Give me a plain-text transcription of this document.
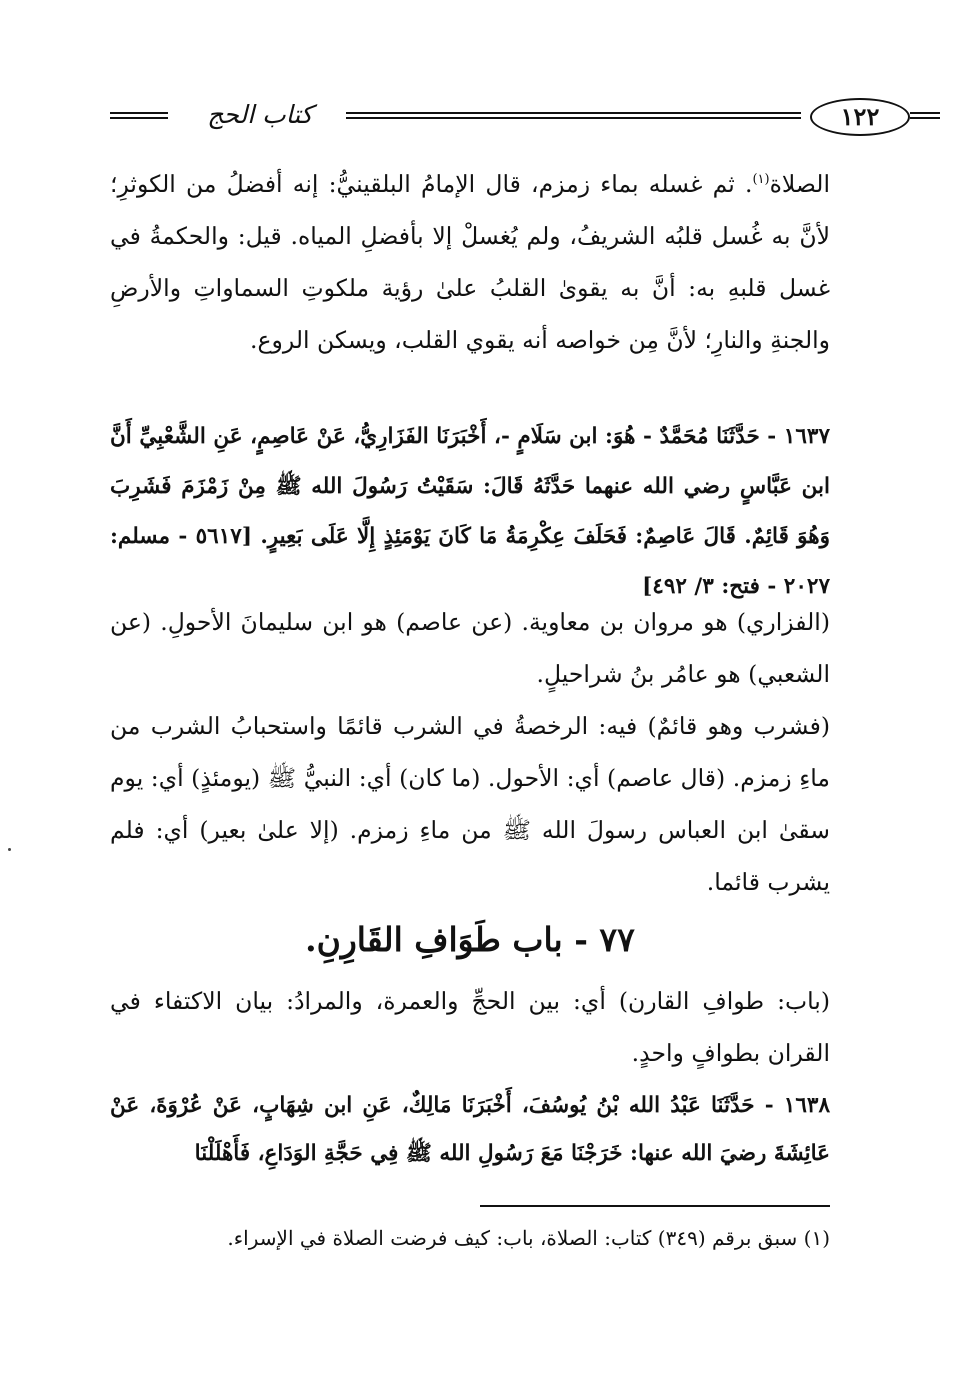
كتاب الحج	١٢٢
الصلاة$^{(١)}$. ثم غسله بماء زمزم، قال الإمامُ البلقينيُّ: إنه أفضلُ من الكوثرِ؛ لأنَّ به غُسل قلبُه الشريفُ، ولم يُغسلْ إلا بأفضلِ المياه. قيل: والحكمةُ في غسل قلبهِ به: أنَّ به يقوىٰ القلبُ علىٰ رؤية ملكوتِ السماواتِ والأرضِ والجنةِ والنارِ؛ لأنَّ مِن خواصه أنه يقوي القلب، ويسكن الروع.
١٦٣٧ - حَدَّثَنَا مُحَمَّدٌ - هُوَ: ابن سَلَامٍ -، أَخْبَرَنَا الفَزَارِيُّ، عَنْ عَاصِمٍ، عَنِ الشَّعْبِيِّ أَنَّ ابن عَبَّاسٍ رضي الله عنهما حَدَّثَهُ قَالَ: سَقَيْتُ رَسُولَ الله ﷺ مِنْ زَمْزَمَ فَشَرِبَ وَهُوَ قَائِمٌ. قَالَ عَاصِمٌ: فَحَلَفَ عِكْرِمَةُ مَا كَانَ يَوْمَئِذٍ إِلَّا عَلَى بَعِيرٍ. [٥٦١٧ - مسلم: ٢٠٢٧ - فتح: ٣/ ٤٩٢]
(الفزاري) هو مروان بن معاوية. (عن عاصم) هو ابن سليمانَ الأحولِ. (عن الشعبي) هو عامُر بنُ شراحيلٍ.
(فشرب وهو قائمٌ) فيه: الرخصةُ في الشرب قائمًا واستحبابُ الشرب من ماءِ زمزم. (قال عاصم) أي: الأحول. (ما كان) أي: النبيُّ ﷺ (يومئذٍ) أي: يوم سقىٰ ابن العباس رسولَ الله ﷺ من ماءِ زمزم. (إلا علىٰ بعير) أي: فلم يشرب قائما.
٧٧ - باب طَوَافِ القَارِنِ.
(باب: طوافِ القارن) أي: بين الحجِّ والعمرة، والمرادُ: بيان الاكتفاء في القران بطوافٍ واحدٍ.
١٦٣٨ - حَدَّثَنَا عَبْدُ الله بْنُ يُوسُفَ، أَخْبَرَنَا مَالِكٌ، عَنِ ابن شِهَابٍ، عَنْ عُرْوَةَ، عَنْ عَائِشَةَ رضيَ الله عنها: خَرَجْنَا مَعَ رَسُولِ الله ﷺ فِي حَجَّةِ الوَدَاعِ، فَأَهْلَلْنَا
(١) سبق برقم (٣٤٩) كتاب: الصلاة، باب: كيف فرضت الصلاة في الإسراء.
